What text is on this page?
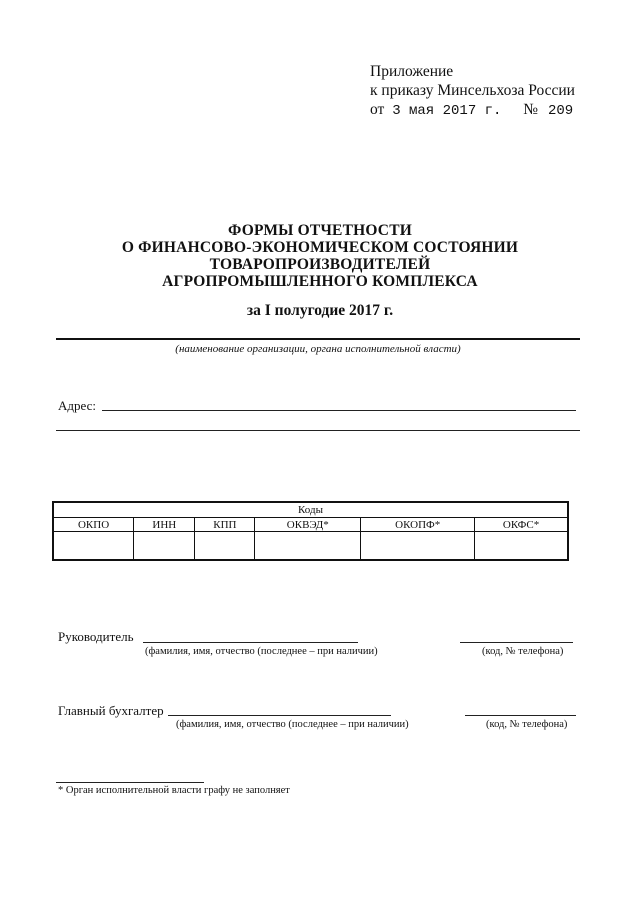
Приложение
к приказу Минсельхоза России
от 3 мая 2017 г. № 209
ФОРМЫ ОТЧЕТНОСТИ
О ФИНАНСОВО-ЭКОНОМИЧЕСКОМ СОСТОЯНИИ
ТОВАРОПРОИЗВОДИТЕЛЕЙ
АГРОПРОМЫШЛЕННОГО КОМПЛЕКСА
за I полугодие 2017 г.
(наименование организации, органа исполнительной власти)
Адрес:
Коды					
ОКПО	ИНН	КПП	ОКВЭД*	ОКОПФ*	ОКФС*

Руководитель
(фамилия, имя, отчество (последнее – при наличии)	(код, № телефона)
Главный бухгалтер
(фамилия, имя, отчество (последнее – при наличии)	(код, № телефона)
* Орган исполнительной власти графу не заполняет
